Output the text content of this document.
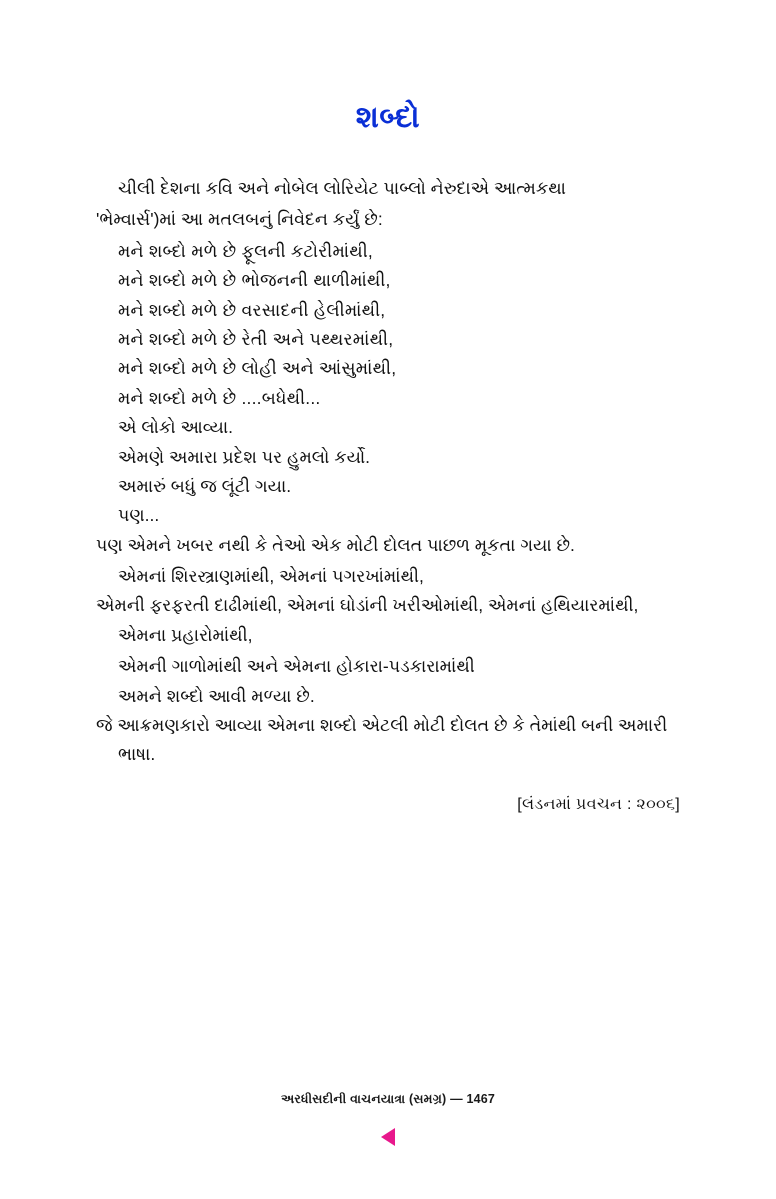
શબ્દો

ચીલી દેશના કવિ અને નોબેલ લોરિયેટ પાબ્લો નેરુદાએ આત્મકથા

'ભેમ્વાર્સ')માં આ મતલબનું નિવેદન કર્યું છે:

મને શબ્દો મળે છે ફૂલની કટોરીમાંથી,

મને શબ્દો મળે છે ભોજનની થાળીમાંથી,

મને શબ્દો મળે છે વરસાદની હેલીમાંથી,

મને શબ્દો મળે છે રેતી અને પથ્થરમાંથી,

મને શબ્દો મળે છે લોહી અને આંસુમાંથી,

મને શબ્દો મળે છે ....બધેથી...

એ લોકો આવ્યા.

એમણે અમારા પ્રદેશ પર હુમલો કર્યો.

અમારું બધું જ લૂંટી ગયા.

પણ...

પણ એમને ખબર નથી કે તેઓ એક મોટી દોલત પાછળ મૂકતા ગયા છે.

એમનાં શિરસ્ત્રાણમાંથી, એમનાં પગરખાંમાંથી,

એમની ફરફરતી દાઢીમાંથી, એમનાં ઘોડાંની ખરીઓમાંથી, એમનાં હથિયારમાંથી, એમના પ્રહારોમાંથી,

એમની ગાળોમાંથી અને એમના હોકારા-પડકારામાંથી

અમને શબ્દો આવી મળ્યા છે.

જે આક્રમણકારો આવ્યા એમના શબ્દો એટલી મોટી દોલત છે કે તેમાંથી બની અમારી ભાષા.

[લંડનમાં પ્રવચન : ૨૦૦૬]

અરધીસદીની વાચનયાત્રા (સમગ્ર) — 1467
